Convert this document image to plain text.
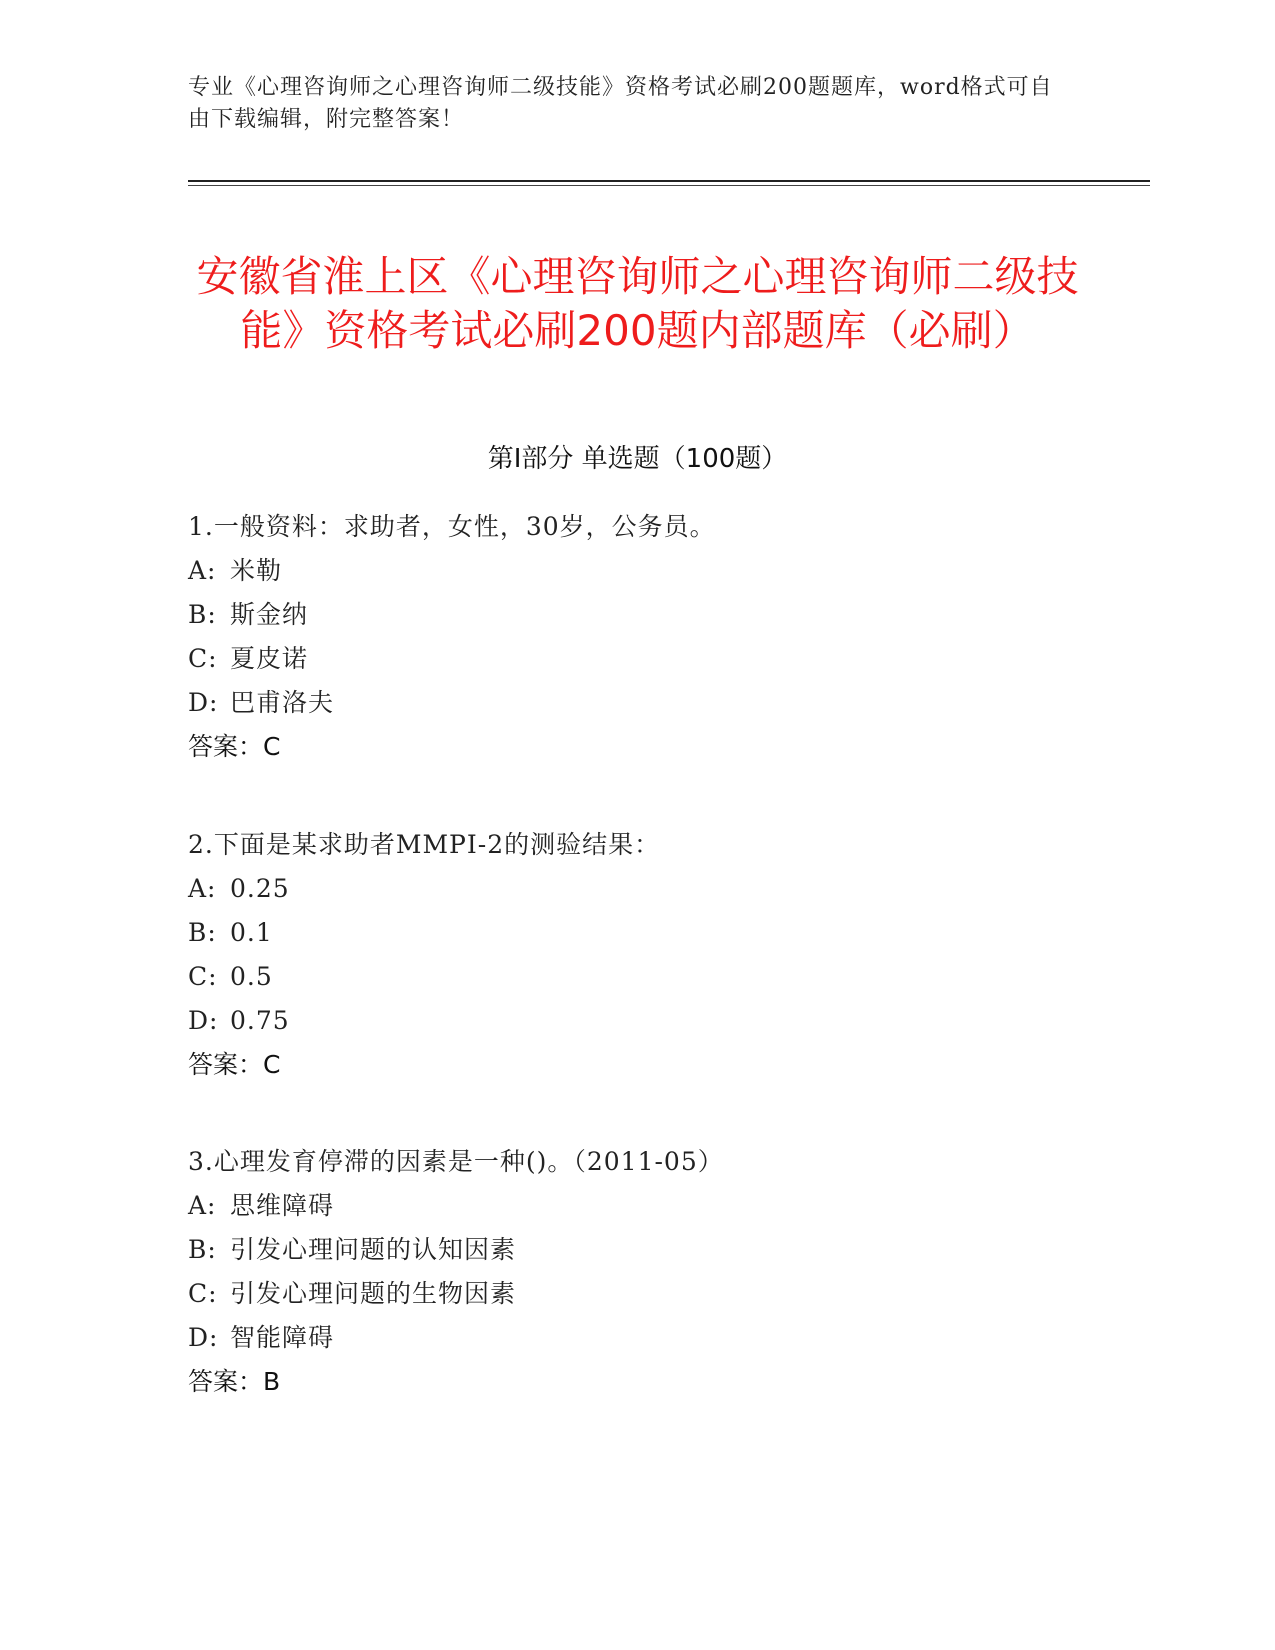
专业《心理咨询师之心理咨询师二级技能》资格考试必刷200题题库，word格式可自由下载编辑，附完整答案！
安徽省淮上区《心理咨询师之心理咨询师二级技能》资格考试必刷200题内部题库（必刷）
第Ⅰ部分 单选题（100题）
1.一般资料：求助者，女性，30岁，公务员。
A: 米勒
B: 斯金纳
C: 夏皮诺
D: 巴甫洛夫
答案：C
2.下面是某求助者MMPI-2的测验结果：
A: 0.25
B: 0.1
C: 0.5
D: 0.75
答案：C
3.心理发育停滞的因素是一种()。（2011-05）
A: 思维障碍
B: 引发心理问题的认知因素
C: 引发心理问题的生物因素
D: 智能障碍
答案：B
